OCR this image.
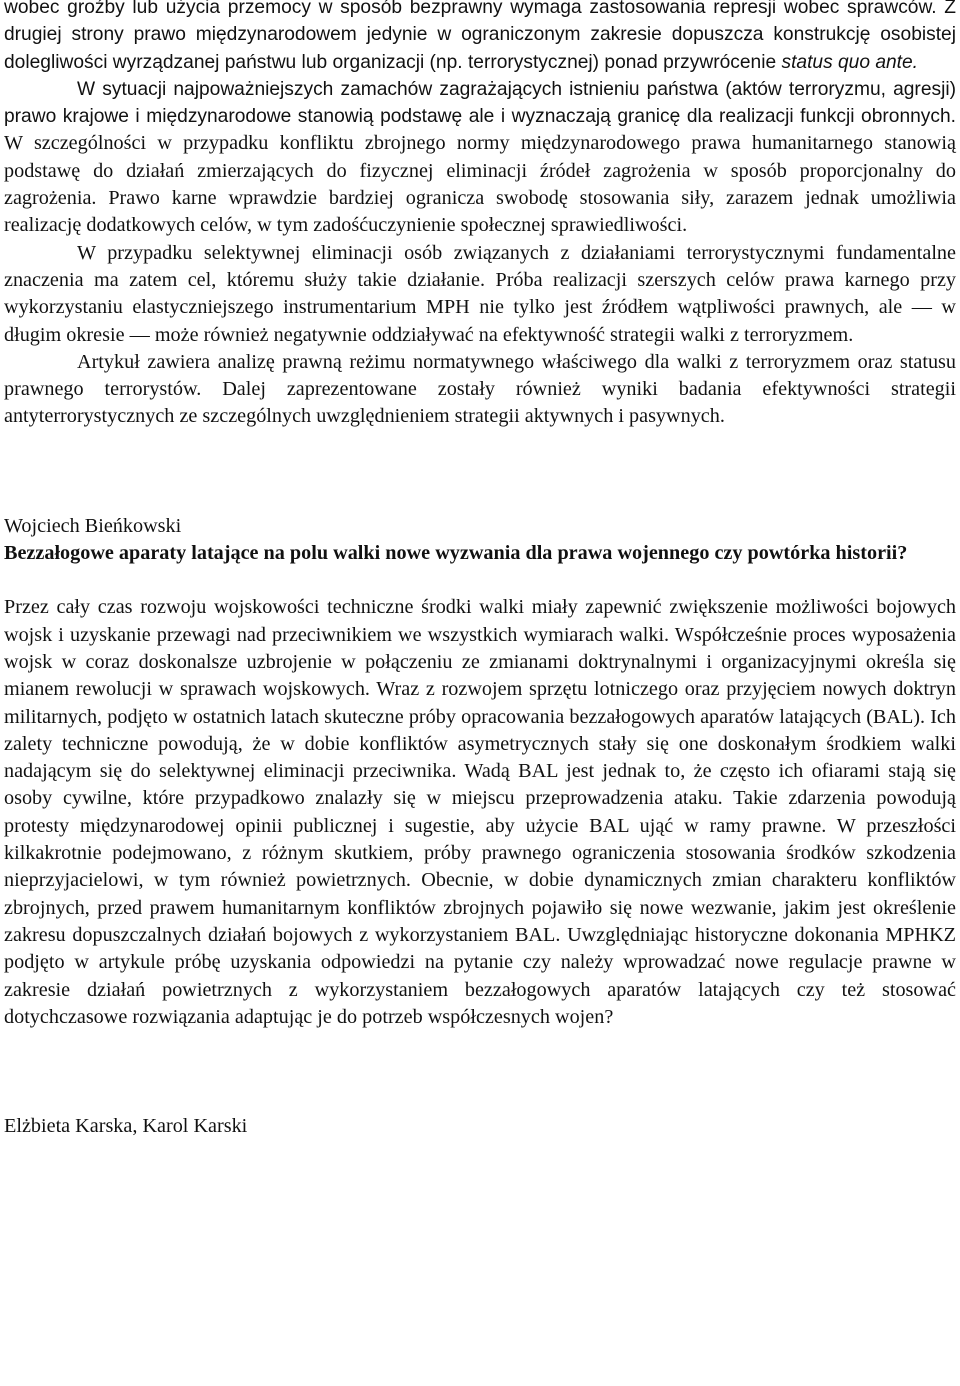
wobec groźby lub użycia przemocy w sposób bezprawny wymaga zastosowania represji wobec sprawców. Z drugiej strony prawo międzynarodowem jedynie w ograniczonym zakresie dopuszcza konstrukcję osobistej dolegliwości wyrządzanej państwu lub organizacji (np. terrorystycznej) ponad przywrócenie status quo ante.

W sytuacji najpoważniejszych zamachów zagrażających istnieniu państwa (aktów terroryzmu, agresji) prawo krajowe i międzynarodowe stanowią podstawę ale i wyznaczają granicę dla realizacji funkcji obronnych. W szczególności w przypadku konfliktu zbrojnego normy międzynarodowego prawa humanitarnego stanowią podstawę do działań zmierzających do fizycznej eliminacji źródeł zagrożenia w sposób proporcjonalny do zagrożenia. Prawo karne wprawdzie bardziej ogranicza swobodę stosowania siły, zarazem jednak umożliwia realizację dodatkowych celów, w tym zadośćuczynienie społecznej sprawiedliwości.

W przypadku selektywnej eliminacji osób związanych z działaniami terrorystycznymi fundamentalne znaczenia ma zatem cel, któremu służy takie działanie. Próba realizacji szerszych celów prawa karnego przy wykorzystaniu elastyczniejszego instrumentarium MPH nie tylko jest źródłem wątpliwości prawnych, ale — w długim okresie — może również negatywnie oddziaływać na efektywność strategii walki z terroryzmem.

Artykuł zawiera analizę prawną reżimu normatywnego właściwego dla walki z terroryzmem oraz statusu prawnego terrorystów. Dalej zaprezentowane zostały również wyniki badania efektywności strategii antyterrorystycznych ze szczególnych uwzględnieniem strategii aktywnych i pasywnych.

Wojciech Bieńkowski

Bezzałogowe aparaty latające na polu walki nowe wyzwania dla prawa wojennego czy powtórka historii?

Przez cały czas rozwoju wojskowości techniczne środki walki miały zapewnić zwiększenie możliwości bojowych wojsk i uzyskanie przewagi nad przeciwnikiem we wszystkich wymiarach walki. Współcześnie proces wyposażenia wojsk w coraz doskonalsze uzbrojenie w połączeniu ze zmianami doktrynalnymi i organizacyjnymi określa się mianem rewolucji w sprawach wojskowych. Wraz z rozwojem sprzętu lotniczego oraz przyjęciem nowych doktryn militarnych, podjęto w ostatnich latach skuteczne próby opracowania bezzałogowych aparatów latających (BAL). Ich zalety techniczne powodują, że w dobie konfliktów asymetrycznych stały się one doskonałym środkiem walki nadającym się do selektywnej eliminacji przeciwnika. Wadą BAL jest jednak to, że często ich ofiarami stają się osoby cywilne, które przypadkowo znalazły się w miejscu przeprowadzenia ataku. Takie zdarzenia powodują protesty międzynarodowej opinii publicznej i sugestie, aby użycie BAL ująć w ramy prawne. W przeszłości kilkakrotnie podejmowano, z różnym skutkiem, próby prawnego ograniczenia stosowania środków szkodzenia nieprzyjacielowi, w tym również powietrznych. Obecnie, w dobie dynamicznych zmian charakteru konfliktów zbrojnych, przed prawem humanitarnym konfliktów zbrojnych pojawiło się nowe wezwanie, jakim jest określenie zakresu dopuszczalnych działań bojowych z wykorzystaniem BAL. Uwzględniając historyczne dokonania MPHKZ podjęto w artykule próbę uzyskania odpowiedzi na pytanie czy należy wprowadzać nowe regulacje prawne w zakresie działań powietrznych z wykorzystaniem bezzałogowych aparatów latających czy też stosować dotychczasowe rozwiązania adaptując je do potrzeb współczesnych wojen?

Elżbieta Karska, Karol Karski
